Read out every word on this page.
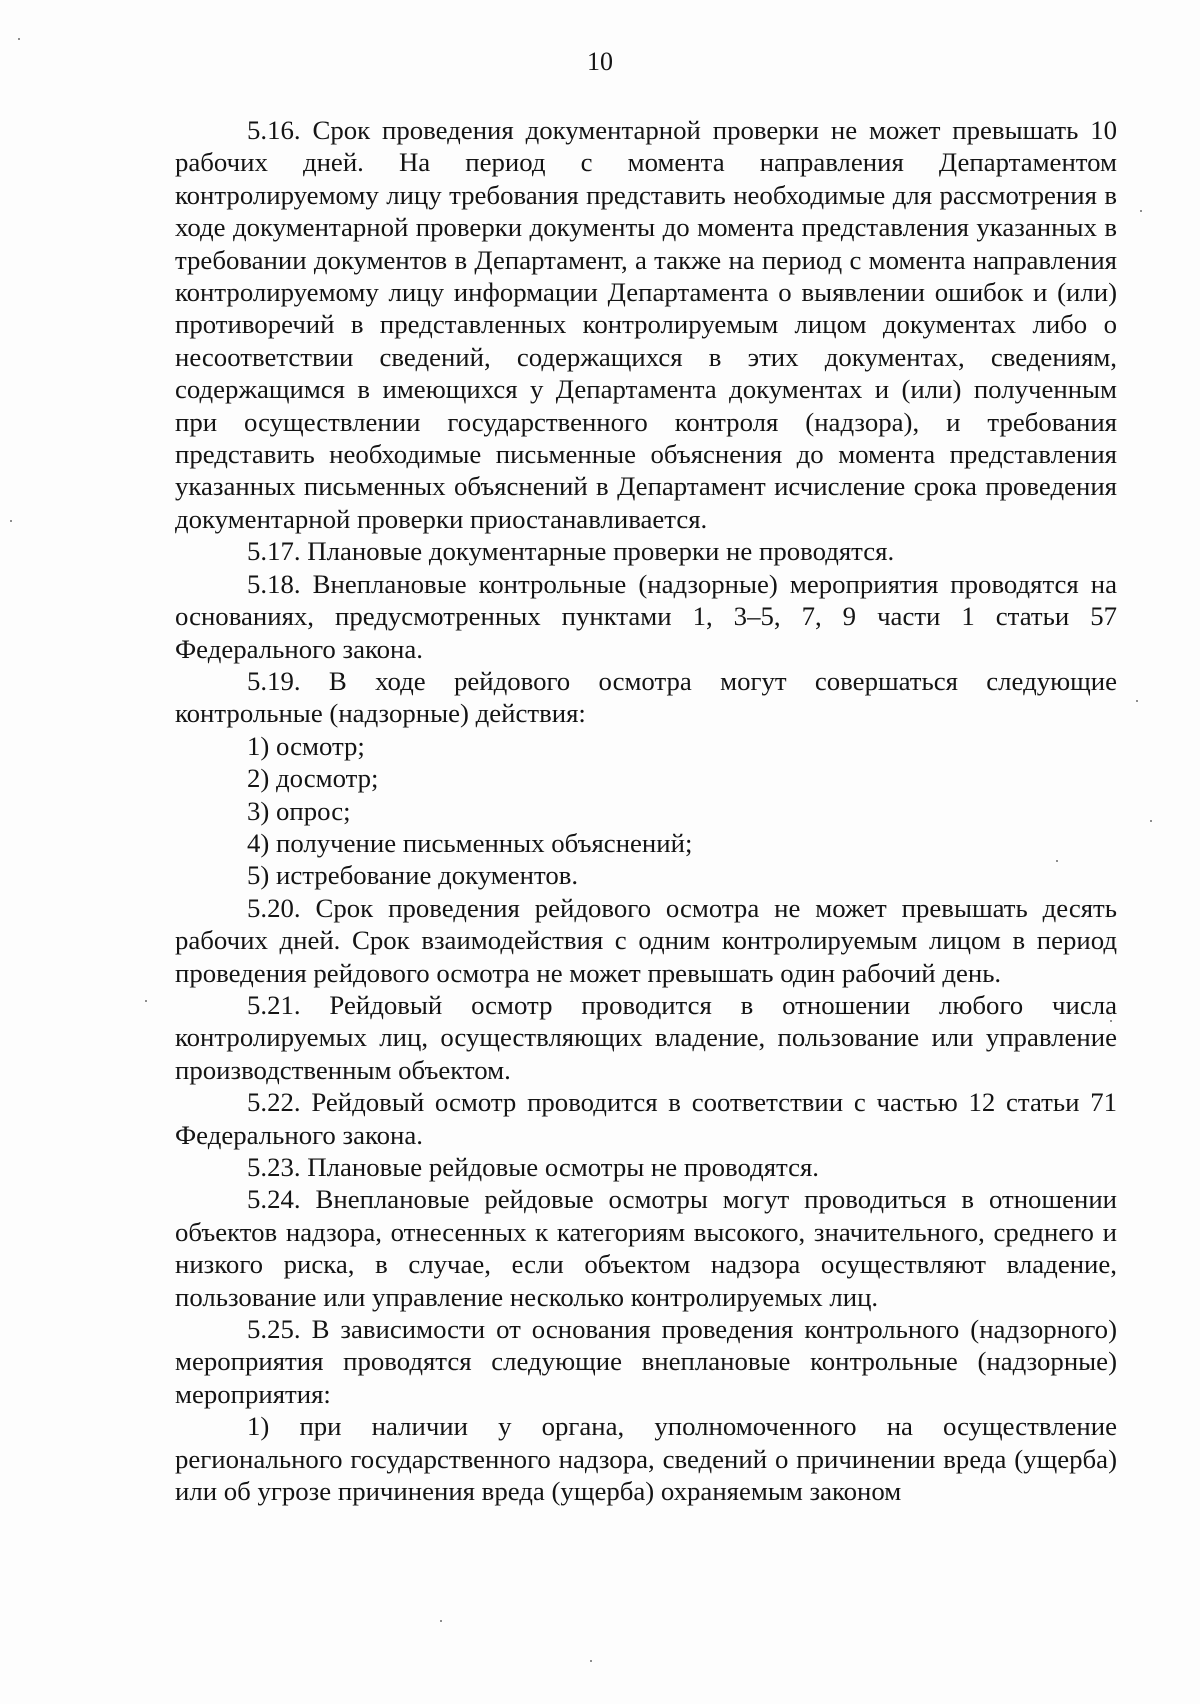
10

5.16. Срок проведения документарной проверки не может превышать 10 рабочих дней. На период с момента направления Департаментом контролируемому лицу требования представить необходимые для рассмотрения в ходе документарной проверки документы до момента представления указанных в требовании документов в Департамент, а также на период с момента направления контролируемому лицу информации Департамента о выявлении ошибок и (или) противоречий в представленных контролируемым лицом документах либо о несоответствии сведений, содержащихся в этих документах, сведениям, содержащимся в имеющихся у Департамента документах и (или) полученным при осуществлении государственного контроля (надзора), и требования представить необходимые письменные объяснения до момента представления указанных письменных объяснений в Департамент исчисление срока проведения документарной проверки приостанавливается.

5.17. Плановые документарные проверки не проводятся.

5.18. Внеплановые контрольные (надзорные) мероприятия проводятся на основаниях, предусмотренных пунктами 1, 3–5, 7, 9 части 1 статьи 57 Федерального закона.

5.19. В ходе рейдового осмотра могут совершаться следующие контрольные (надзорные) действия:

1) осмотр;

2) досмотр;

3) опрос;

4) получение письменных объяснений;

5) истребование документов.

5.20. Срок проведения рейдового осмотра не может превышать десять рабочих дней. Срок взаимодействия с одним контролируемым лицом в период проведения рейдового осмотра не может превышать один рабочий день.

5.21. Рейдовый осмотр проводится в отношении любого числа контролируемых лиц, осуществляющих владение, пользование или управление производственным объектом.

5.22. Рейдовый осмотр проводится в соответствии с частью 12 статьи 71 Федерального закона.

5.23. Плановые рейдовые осмотры не проводятся.

5.24. Внеплановые рейдовые осмотры могут проводиться в отношении объектов надзора, отнесенных к категориям высокого, значительного, среднего и низкого риска, в случае, если объектом надзора осуществляют владение, пользование или управление несколько контролируемых лиц.

5.25. В зависимости от основания проведения контрольного (надзорного) мероприятия проводятся следующие внеплановые контрольные (надзорные) мероприятия:

1) при наличии у органа, уполномоченного на осуществление регионального государственного надзора, сведений о причинении вреда (ущерба) или об угрозе причинения вреда (ущерба) охраняемым законом
